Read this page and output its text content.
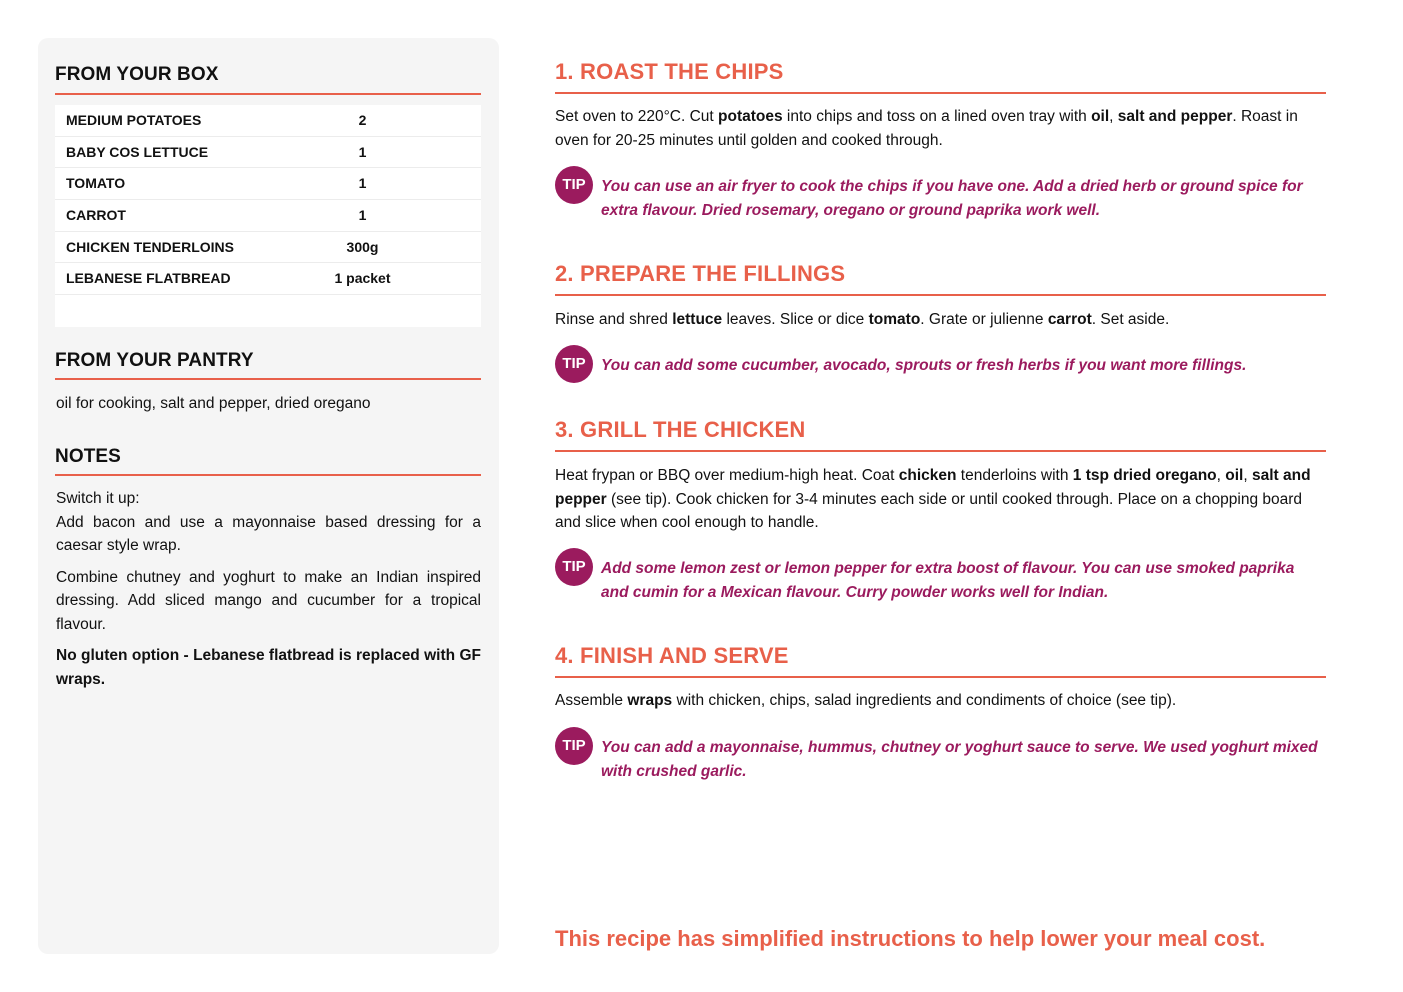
FROM YOUR BOX
MEDIUM POTATOES	2
BABY COS LETTUCE	1
TOMATO	1
CARROT	1
CHICKEN TENDERLOINS	300g
LEBANESE FLATBREAD	1 packet
FROM YOUR PANTRY
oil for cooking, salt and pepper, dried oregano
NOTES
Switch it up:

Add bacon and use a mayonnaise based dressing for a caesar style wrap.

Combine chutney and yoghurt to make an Indian inspired dressing. Add sliced mango and cucumber for a tropical flavour.

No gluten option - Lebanese flatbread is replaced with GF wraps.

1. ROAST THE CHIPS
Set oven to 220°C. Cut potatoes into chips and toss on a lined oven tray with oil, salt and pepper. Roast in oven for 20-25 minutes until golden and cooked through.
TIP You can use an air fryer to cook the chips if you have one. Add a dried herb or ground spice for extra flavour. Dried rosemary, oregano or ground paprika work well.
2. PREPARE THE FILLINGS
Rinse and shred lettuce leaves. Slice or dice tomato. Grate or julienne carrot. Set aside.
TIP You can add some cucumber, avocado, sprouts or fresh herbs if you want more fillings.
3. GRILL THE CHICKEN
Heat frypan or BBQ over medium-high heat. Coat chicken tenderloins with 1 tsp dried oregano, oil, salt and pepper (see tip). Cook chicken for 3-4 minutes each side or until cooked through. Place on a chopping board and slice when cool enough to handle.
TIP Add some lemon zest or lemon pepper for extra boost of flavour. You can use smoked paprika and cumin for a Mexican flavour. Curry powder works well for Indian.
4. FINISH AND SERVE
Assemble wraps with chicken, chips, salad ingredients and condiments of choice (see tip).
TIP You can add a mayonnaise, hummus, chutney or yoghurt sauce to serve. We used yoghurt mixed with crushed garlic.
This recipe has simplified instructions to help lower your meal cost.
